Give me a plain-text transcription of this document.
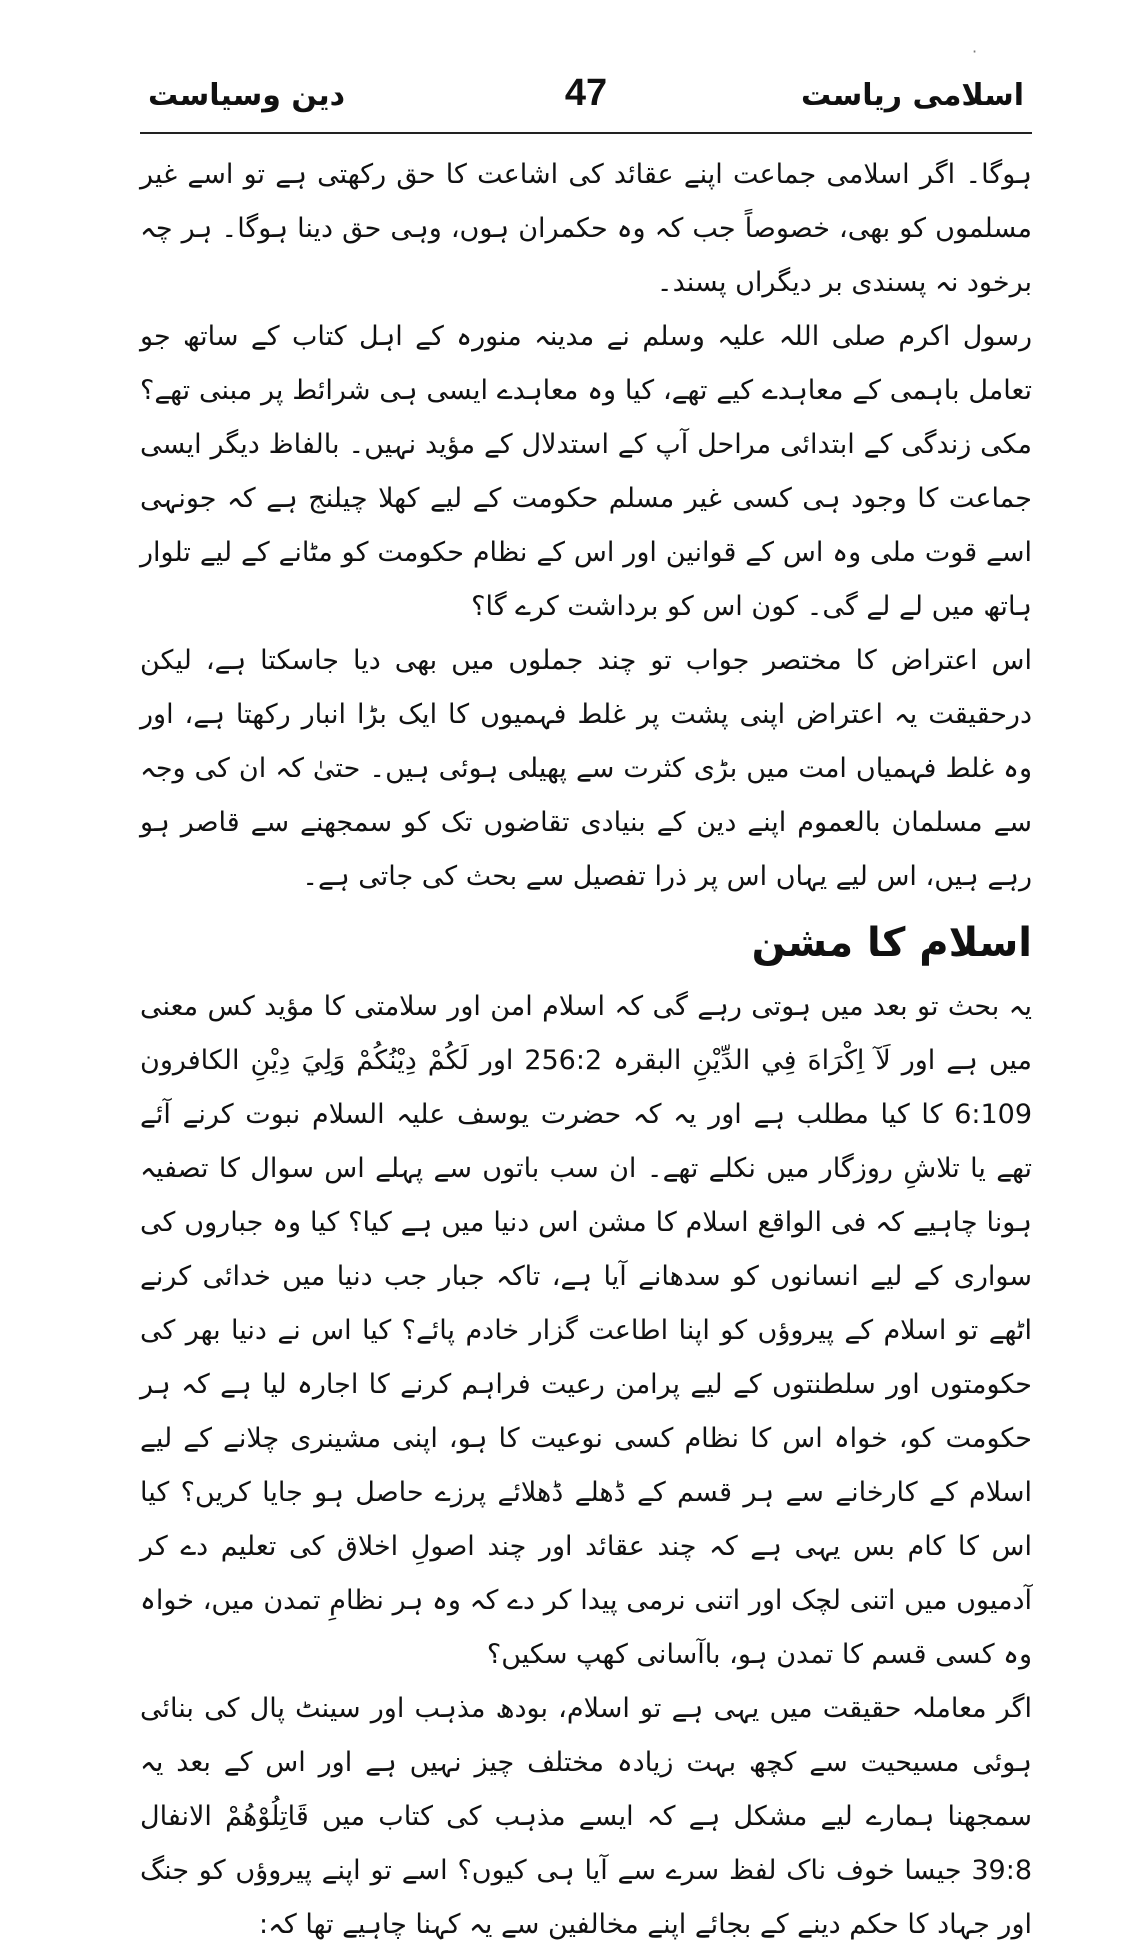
·
اسلامی ریاست
47
دین وسیاست

ہوگا۔ اگر اسلامی جماعت اپنے عقائد کی اشاعت کا حق رکھتی ہے تو اسے غیر مسلموں کو بھی، خصوصاً جب کہ وہ حکمران ہوں، وہی حق دینا ہوگا۔ ہر چہ برخود نہ پسندی بر دیگراں پسند۔

رسول اکرم صلی اللہ علیہ وسلم نے مدینہ منورہ کے اہل کتاب کے ساتھ جو تعامل باہمی کے معاہدے کیے تھے، کیا وہ معاہدے ایسی ہی شرائط پر مبنی تھے؟ مکی زندگی کے ابتدائی مراحل آپ کے استدلال کے مؤید نہیں۔ بالفاظ دیگر ایسی جماعت کا وجود ہی کسی غیر مسلم حکومت کے لیے کھلا چیلنج ہے کہ جونہی اسے قوت ملی وہ اس کے قوانین اور اس کے نظام حکومت کو مٹانے کے لیے تلوار ہاتھ میں لے لے گی۔ کون اس کو برداشت کرے گا؟

اس اعتراض کا مختصر جواب تو چند جملوں میں بھی دیا جاسکتا ہے، لیکن درحقیقت یہ اعتراض اپنی پشت پر غلط فہمیوں کا ایک بڑا انبار رکھتا ہے، اور وہ غلط فہمیاں امت میں بڑی کثرت سے پھیلی ہوئی ہیں۔ حتیٰ کہ ان کی وجہ سے مسلمان بالعموم اپنے دین کے بنیادی تقاضوں تک کو سمجھنے سے قاصر ہو رہے ہیں، اس لیے یہاں اس پر ذرا تفصیل سے بحث کی جاتی ہے۔

اسلام کا مشن

یہ بحث تو بعد میں ہوتی رہے گی کہ اسلام امن اور سلامتی کا مؤید کس معنی میں ہے اور لَآ اِكْرَاهَ فِي الدِّيْنِ البقرہ 256:2 اور لَكُمْ دِيْنُكُمْ وَلِيَ دِيْنِ الکافرون 6:109 کا کیا مطلب ہے اور یہ کہ حضرت یوسف علیہ السلام نبوت کرنے آئے تھے یا تلاشِ روزگار میں نکلے تھے۔ ان سب باتوں سے پہلے اس سوال کا تصفیہ ہونا چاہیے کہ فی الواقع اسلام کا مشن اس دنیا میں ہے کیا؟ کیا وہ جباروں کی سواری کے لیے انسانوں کو سدھانے آیا ہے، تاکہ جبار جب دنیا میں خدائی کرنے اٹھے تو اسلام کے پیروؤں کو اپنا اطاعت گزار خادم پائے؟ کیا اس نے دنیا بھر کی حکومتوں اور سلطنتوں کے لیے پرامن رعیت فراہم کرنے کا اجارہ لیا ہے کہ ہر حکومت کو، خواہ اس کا نظام کسی نوعیت کا ہو، اپنی مشینری چلانے کے لیے اسلام کے کارخانے سے ہر قسم کے ڈھلے ڈھلائے پرزے حاصل ہو جایا کریں؟ کیا اس کا کام بس یہی ہے کہ چند عقائد اور چند اصولِ اخلاق کی تعلیم دے کر آدمیوں میں اتنی لچک اور اتنی نرمی پیدا کر دے کہ وہ ہر نظامِ تمدن میں، خواہ وہ کسی قسم کا تمدن ہو، باآسانی کھپ سکیں؟

اگر معاملہ حقیقت میں یہی ہے تو اسلام، بودھ مذہب اور سینٹ پال کی بنائی ہوئی مسیحیت سے کچھ بہت زیادہ مختلف چیز نہیں ہے اور اس کے بعد یہ سمجھنا ہمارے لیے مشکل ہے کہ ایسے مذہب کی کتاب میں قَاتِلُوْهُمْ الانفال 39:8 جیسا خوف ناک لفظ سرے سے آیا ہی کیوں؟ اسے تو اپنے پیروؤں کو جنگ اور جہاد کا حکم دینے کے بجائے اپنے مخالفین سے یہ کہنا چاہیے تھا کہ:
